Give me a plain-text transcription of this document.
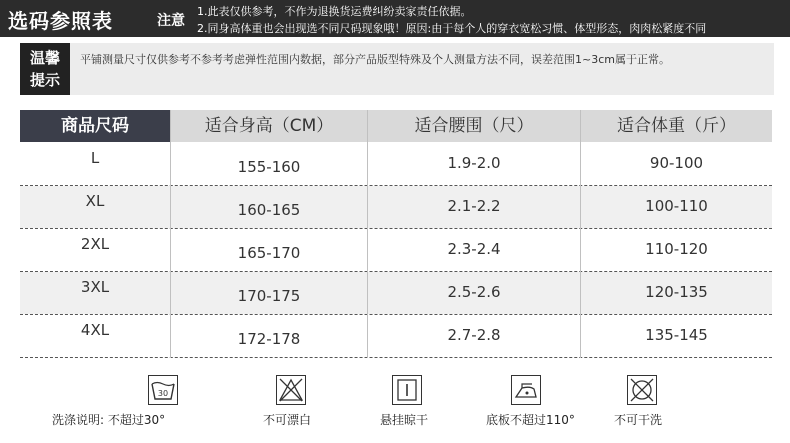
选码参照表	注意
1.此表仅供参考，不作为退换货运费纠纷卖家责任依据。
2.同身高体重也会出现选不同尺码现象哦！原因:由于每个人的穿衣宽松习惯、体型形态，肉肉松紧度不同
温馨
提示
平铺测量尺寸仅供参考不参考考虑弹性范围内数据，部分产品版型特殊及个人测量方法不同，误差范围1~3cm属于正常。
商品尺码	适合身高（CM）	适合腰围（尺）	适合体重（斤）
L	155-160	1.9-2.0	90-100
XL	160-165	2.1-2.2	100-110
2XL	165-170	2.3-2.4	110-120
3XL	170-175	2.5-2.6	120-135
4XL	172-178	2.7-2.8	135-145
30
洗涤说明: 不超过30°	不可漂白	悬挂晾干	底板不超过110°	不可干洗
